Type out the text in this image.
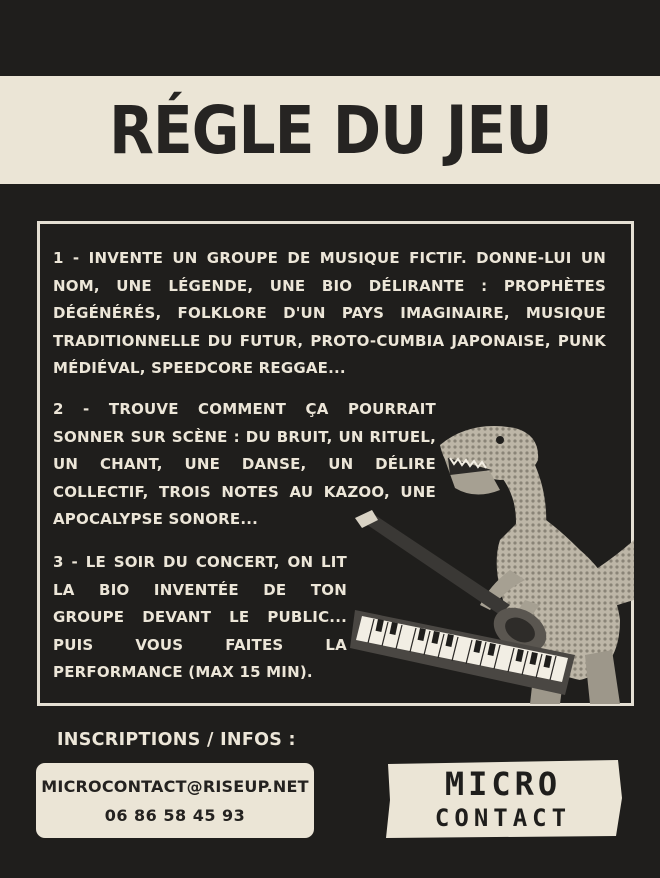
RÉGLE DU JEU

1 - INVENTE UN GROUPE DE MUSIQUE FICTIF. DONNE-LUI UN NOM, UNE LÉGENDE, UNE BIO DÉLIRANTE : PROPHÈTES DÉGÉNÉRÉS, FOLKLORE D'UN PAYS IMAGINAIRE, MUSIQUE TRADITIONNELLE DU FUTUR, PROTO-CUMBIA JAPONAISE, PUNK MÉDIÉVAL, SPEEDCORE REGGAE...

2 - TROUVE COMMENT ÇA POURRAIT SONNER SUR SCÈNE : DU BRUIT, UN RITUEL, UN CHANT, UNE DANSE, UN DÉLIRE COLLECTIF, TROIS NOTES AU KAZOO, UNE APOCALYPSE SONORE...

3 - LE SOIR DU CONCERT, ON LIT LA BIO INVENTÉE DE TON GROUPE DEVANT LE PUBLIC... PUIS VOUS FAITES LA PERFORMANCE (MAX 15 MIN).

INSCRIPTIONS / INFOS :
MICROCONTACT@RISEUP.NET
06 86 58 45 93
MICRO
CONTACT
